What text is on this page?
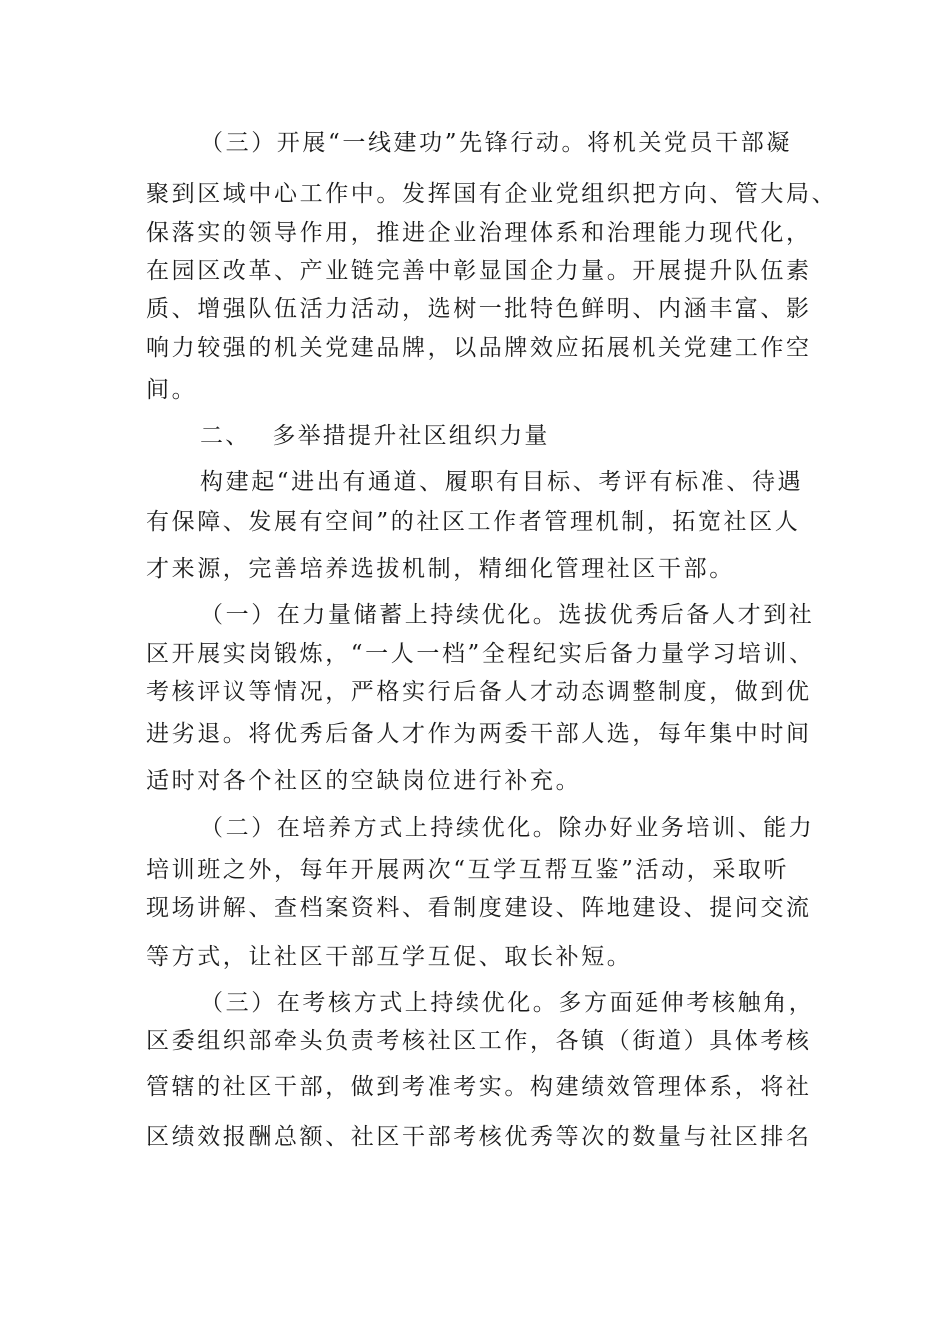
（三）开展“一线建功”先锋行动。将机关党员干部凝
聚到区域中心工作中。发挥国有企业党组织把方向、管大局、
保落实的领导作用，推进企业治理体系和治理能力现代化，
在园区改革、产业链完善中彰显国企力量。开展提升队伍素
质、增强队伍活力活动，选树一批特色鲜明、内涵丰富、影
响力较强的机关党建品牌，以品牌效应拓展机关党建工作空
间。
二、 多举措提升社区组织力量
构建起“进出有通道、履职有目标、考评有标准、待遇
有保障、发展有空间”的社区工作者管理机制，拓宽社区人
才来源，完善培养选拔机制，精细化管理社区干部。
（一）在力量储蓄上持续优化。选拔优秀后备人才到社
区开展实岗锻炼，“一人一档”全程纪实后备力量学习培训、
考核评议等情况，严格实行后备人才动态调整制度，做到优
进劣退。将优秀后备人才作为两委干部人选，每年集中时间
适时对各个社区的空缺岗位进行补充。
（二）在培养方式上持续优化。除办好业务培训、能力
培训班之外，每年开展两次“互学互帮互鉴”活动，采取听
现场讲解、查档案资料、看制度建设、阵地建设、提问交流
等方式，让社区干部互学互促、取长补短。
（三）在考核方式上持续优化。多方面延伸考核触角，
区委组织部牵头负责考核社区工作，各镇（街道）具体考核
管辖的社区干部，做到考准考实。构建绩效管理体系，将社
区绩效报酬总额、社区干部考核优秀等次的数量与社区排名
